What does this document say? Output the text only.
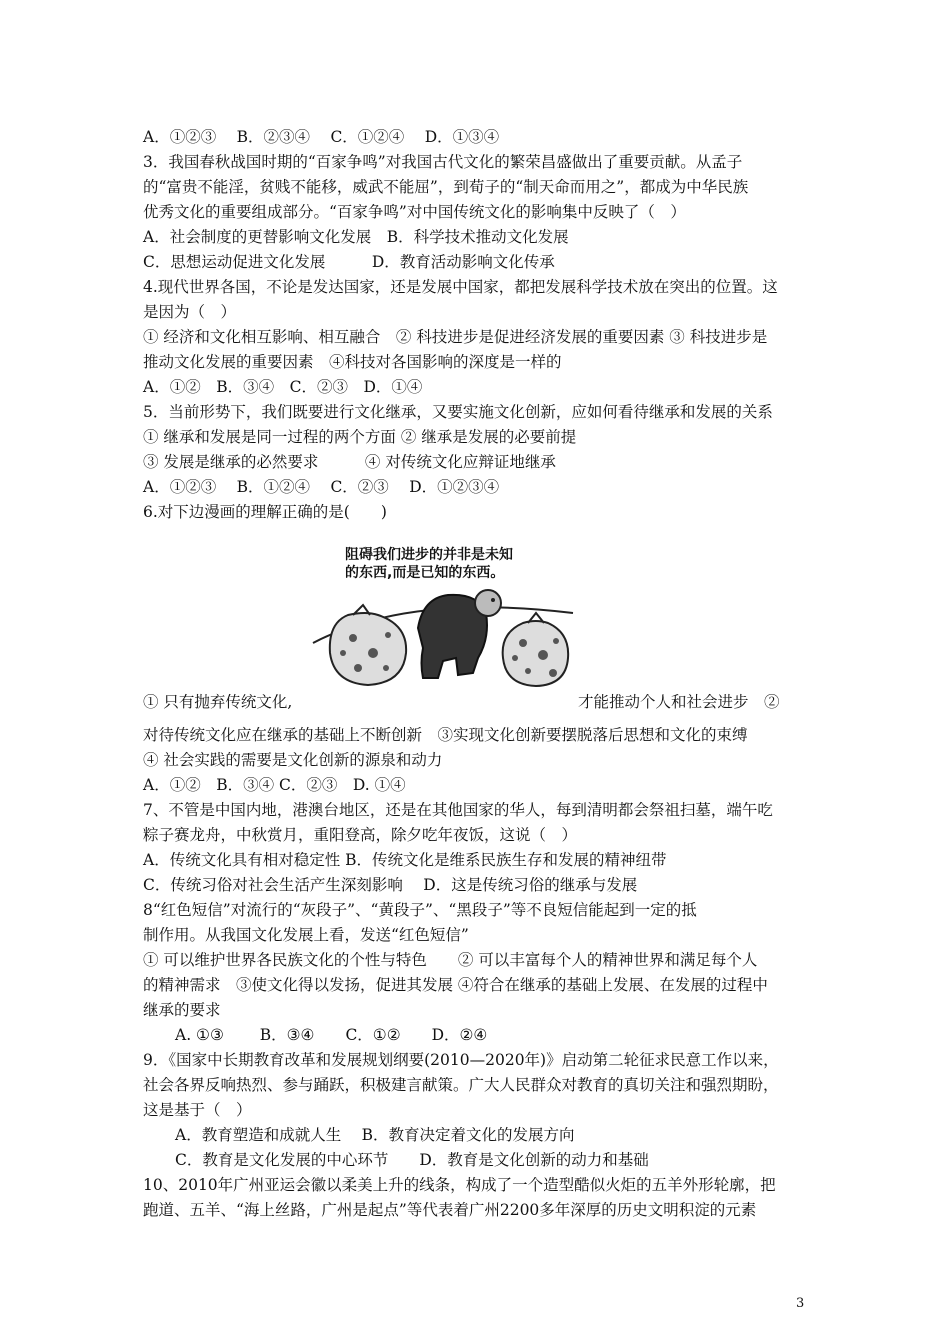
A．①②③　 B．②③④　 C．①②④　 D．①③④
3．我国春秋战国时期的“百家争鸣”对我国古代文化的繁荣昌盛做出了重要贡献。从孟子
的“富贵不能淫，贫贱不能移，威武不能屈”，到荀子的“制天命而用之”，都成为中华民族
优秀文化的重要组成部分。“百家争鸣”对中国传统文化的影响集中反映了（　）
A．社会制度的更替影响文化发展　B．科学技术推动文化发展
C．思想运动促进文化发展　　　D．教育活动影响文化传承
4.现代世界各国，不论是发达国家，还是发展中国家，都把发展科学技术放在突出的位置。这
是因为（　）
① 经济和文化相互影响、相互融合　② 科技进步是促进经济发展的重要因素 ③ 科技进步是
推动文化发展的重要因素　④科技对各国影响的深度是一样的
A．①②　B．③④　C．②③　D．①④
5．当前形势下，我们既要进行文化继承，又要实施文化创新，应如何看待继承和发展的关系
① 继承和发展是同一过程的两个方面 ② 继承是发展的必要前提
③ 发展是继承的必然要求　　　④ 对传统文化应辩证地继承
A．①②③　 B．①②④　 C．②③　 D．①②③④
6.对下边漫画的理解正确的是(　　)
阻碍我们进步的并非是未知
的东西,而是已知的东西。
① 只有抛弃传统文化,	才能推动个人和社会进步　②
对待传统文化应在继承的基础上不断创新　③实现文化创新要摆脱落后思想和文化的束缚
④ 社会实践的需要是文化创新的源泉和动力
A．①②　B．③④ C．②③　D. ①④
7、不管是中国内地，港澳台地区，还是在其他国家的华人，每到清明都会祭祖扫墓，端午吃
粽子赛龙舟，中秋赏月，重阳登高，除夕吃年夜饭，这说（　）
A．传统文化具有相对稳定性 B．传统文化是维系民族生存和发展的精神纽带
C．传统习俗对社会生活产生深刻影响　 D．这是传统习俗的继承与发展
8“红色短信”对流行的“灰段子”、“黄段子”、“黑段子”等不良短信能起到一定的抵
制作用。从我国文化发展上看，发送“红色短信”
① 可以维护世界各民族文化的个性与特色　　② 可以丰富每个人的精神世界和满足每个人
的精神需求　③使文化得以发扬，促进其发展 ④符合在继承的基础上发展、在发展的过程中
继承的要求
A. ①③　　 B．③④　　C．①②　　D．②④
9．《国家中长期教育改革和发展规划纲要(2010—2020年)》启动第二轮征求民意工作以来，
社会各界反响热烈、参与踊跃，积极建言献策。广大人民群众对教育的真切关注和强烈期盼，
这是基于（　）
A．教育塑造和成就人生　 B．教育决定着文化的发展方向
C．教育是文化发展的中心环节　　D．教育是文化创新的动力和基础
10、2010年广州亚运会徽以柔美上升的线条，构成了一个造型酷似火炬的五羊外形轮廓，把
跑道、五羊、“海上丝路，广州是起点”等代表着广州2200多年深厚的历史文明积淀的元素
3
